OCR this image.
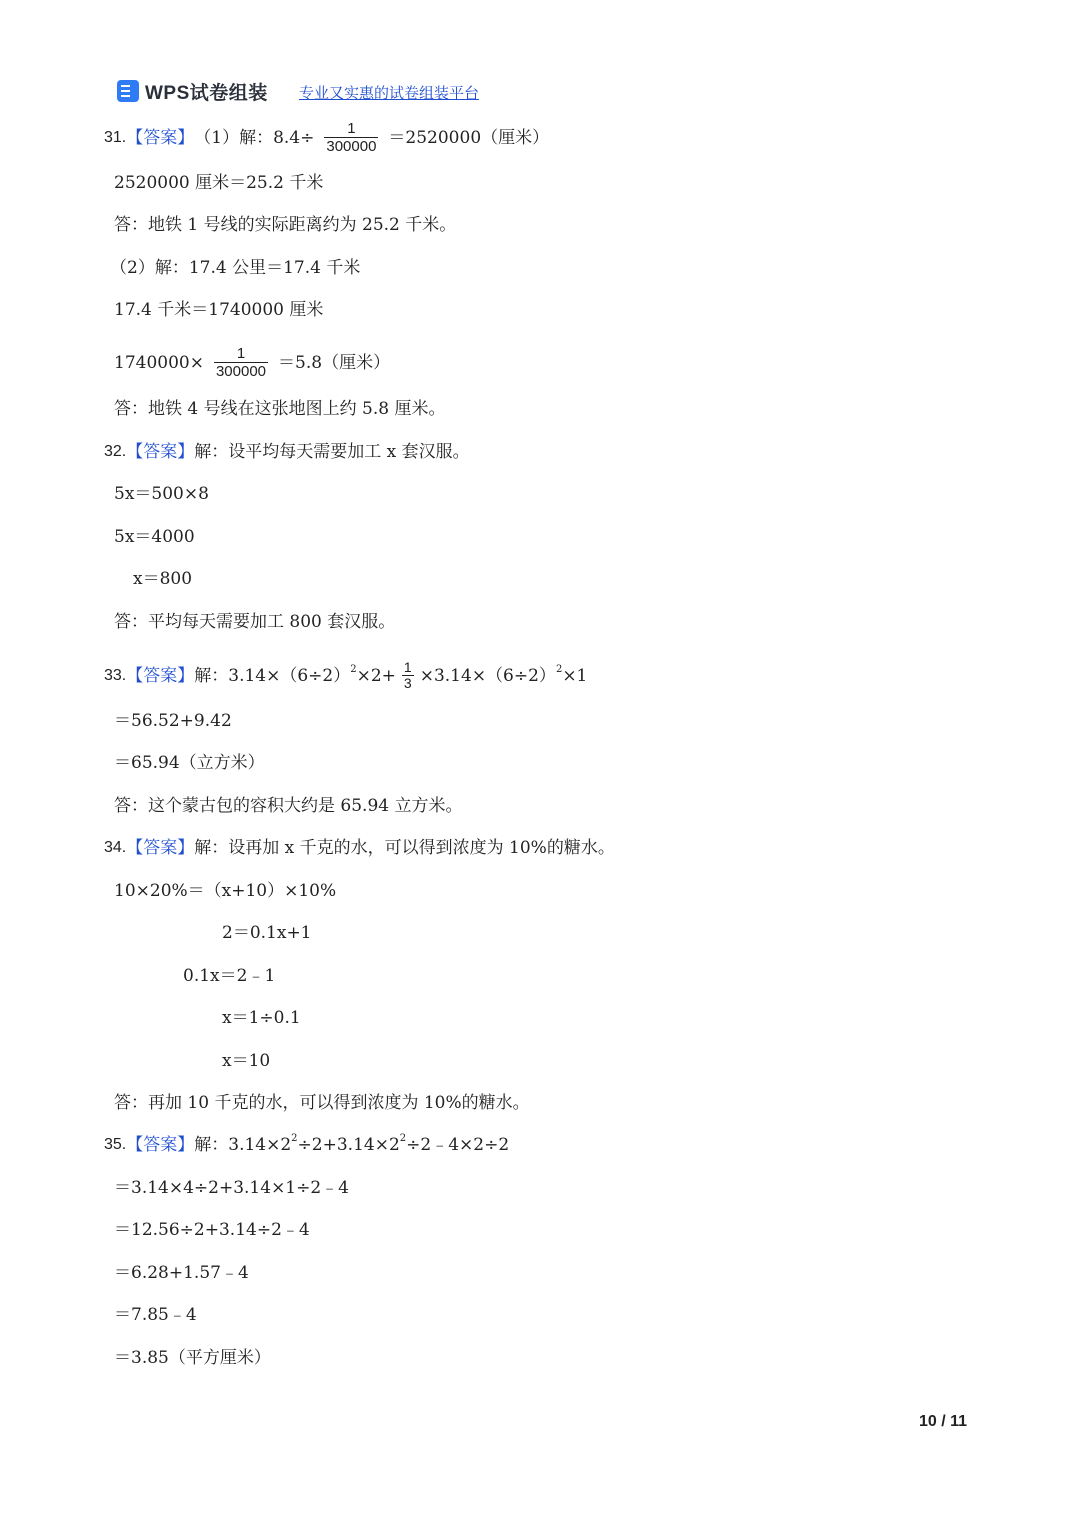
WPS试卷组装 专业又实惠的试卷组装平台
31. 【答案】 （1）解：$8.4\div \frac{1}{300000} =2520000$（厘米）
2520000 厘米＝25.2 千米
答：地铁 1 号线的实际距离约为 25.2 千米。
（2）解：17.4 公里＝17.4 千米
17.4 千米＝1740000 厘米
$1740000\times \frac{1}{300000} =5.8$（厘米）
答：地铁 4 号线在这张地图上约 5.8 厘米。
32. 【答案】 解：设平均每天需要加工 x 套汉服。
5x＝500×8
5x＝4000
x＝800
答：平均每天需要加工 800 套汉服。
33. 【答案】 解：$3.14\times(6\div 2)^2 \times 2+ \frac{1}{3} \times 3.14\times(6\div 2)^2 \times 1$
＝56.52+9.42
＝65.94（立方米）
答：这个蒙古包的容积大约是 65.94 立方米。
34. 【答案】 解：设再加 x 千克的水，可以得到浓度为 10%的糖水。
10×20%＝（x+10）×10%
2＝0.1x+1
0.1x＝2﹣1
x＝1÷0.1
x＝10
答：再加 10 千克的水，可以得到浓度为 10%的糖水。
35. 【答案】 解：$3.14\times 2^2 \div 2+3.14\times 2^2$ ÷2﹣4×2÷2
＝3.14×4÷2+3.14×1÷2﹣4
＝12.56÷2+3.14÷2﹣4
＝6.28+1.57﹣4
＝7.85﹣4
＝3.85（平方厘米）
10 / 11
